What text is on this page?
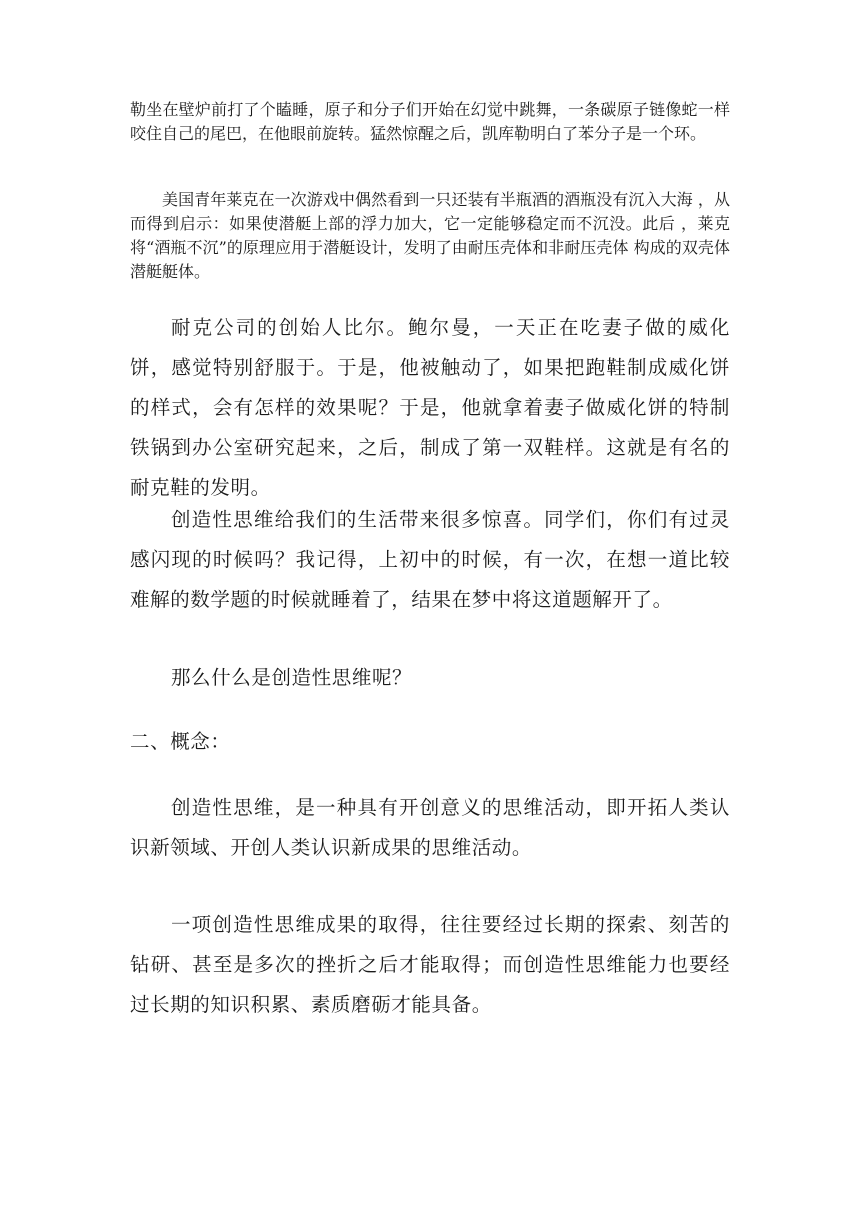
勒坐在壁炉前打了个瞌睡，原子和分子们开始在幻觉中跳舞，一条碳原子链像蛇一样咬住自己的尾巴，在他眼前旋转。猛然惊醒之后，凯库勒明白了苯分子是一个环。

美国青年莱克在一次游戏中偶然看到一只还装有半瓶酒的酒瓶没有沉入大海 ，从而得到启示：如果使潜艇上部的浮力加大，它一定能够稳定而不沉没。此后 ，莱克将“酒瓶不沉”的原理应用于潜艇设计，发明了由耐压壳体和非耐压壳体 构成的双壳体潜艇艇体。

耐克公司的创始人比尔。鲍尔曼，一天正在吃妻子做的威化饼，感觉特别舒服于。于是，他被触动了，如果把跑鞋制成威化饼的样式，会有怎样的效果呢？于是，他就拿着妻子做威化饼的特制铁锅到办公室研究起来，之后，制成了第一双鞋样。这就是有名的耐克鞋的发明。

创造性思维给我们的生活带来很多惊喜。同学们，你们有过灵感闪现的时候吗？我记得，上初中的时候，有一次，在想一道比较难解的数学题的时候就睡着了，结果在梦中将这道题解开了。

那么什么是创造性思维呢？

二、概念：

创造性思维，是一种具有开创意义的思维活动，即开拓人类认识新领域、开创人类认识新成果的思维活动。

一项创造性思维成果的取得，往往要经过长期的探索、刻苦的钻研、甚至是多次的挫折之后才能取得；而创造性思维能力也要经过长期的知识积累、素质磨砺才能具备。
